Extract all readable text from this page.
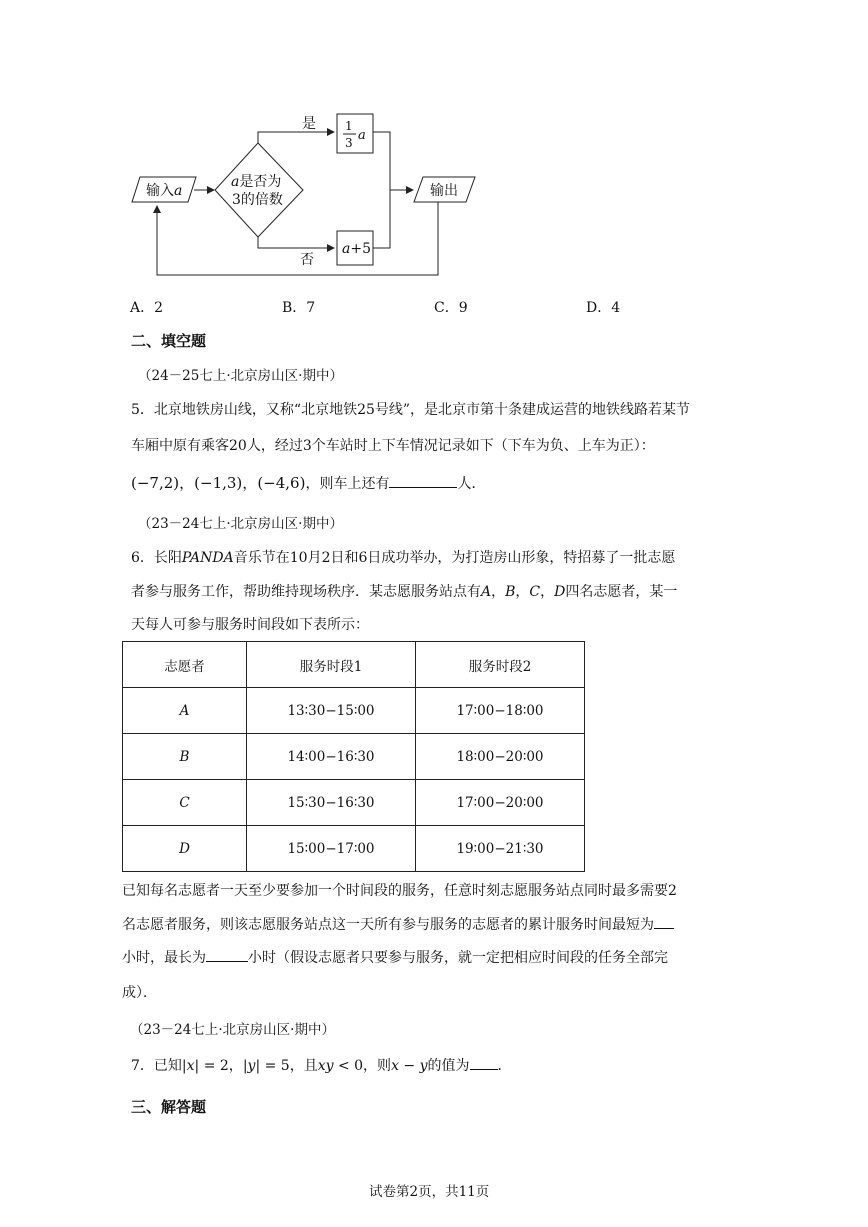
输入a
a是否为
3的倍数
是
否
1
3 a
a+5
输出
A．2	B．7	C．9	D．4
二、填空题
（24－25七上·北京房山区·期中）
5．北京地铁房山线，又称“北京地铁25号线”，是北京市第十条建成运营的地铁线路若某节
车厢中原有乘客20人，经过3个车站时上下车情况记录如下（下车为负、上车为正）：
(−7,2)，(−1,3)，(−4,6)，则车上还有	人．
（23－24七上·北京房山区·期中）
6．长阳PANDA音乐节在10月2日和6日成功举办，为打造房山形象，特招募了一批志愿
者参与服务工作，帮助维持现场秩序．某志愿服务站点有A，B，C，D四名志愿者，某一
天每人可参与服务时间段如下表所示：
志愿者	服务时段1	服务时段2
A	13∶30−15∶00	17∶00−18∶00
B	14∶00−16∶30	18∶00−20∶00
C	15∶30−16∶30	17∶00−20∶00
D	15∶00−17∶00	19∶00−21∶30
已知每名志愿者一天至少要参加一个时间段的服务，任意时刻志愿服务站点同时最多需要2
名志愿者服务，则该志愿服务站点这一天所有参与服务的志愿者的累计服务时间最短为
小时，最长为	小时（假设志愿者只要参与服务，就一定把相应时间段的任务全部完
成）．
（23－24七上·北京房山区·期中）
7．已知|x| = 2，|y| = 5，且xy < 0，则x − y的值为 ．
三、解答题
试卷第2页，共11页
